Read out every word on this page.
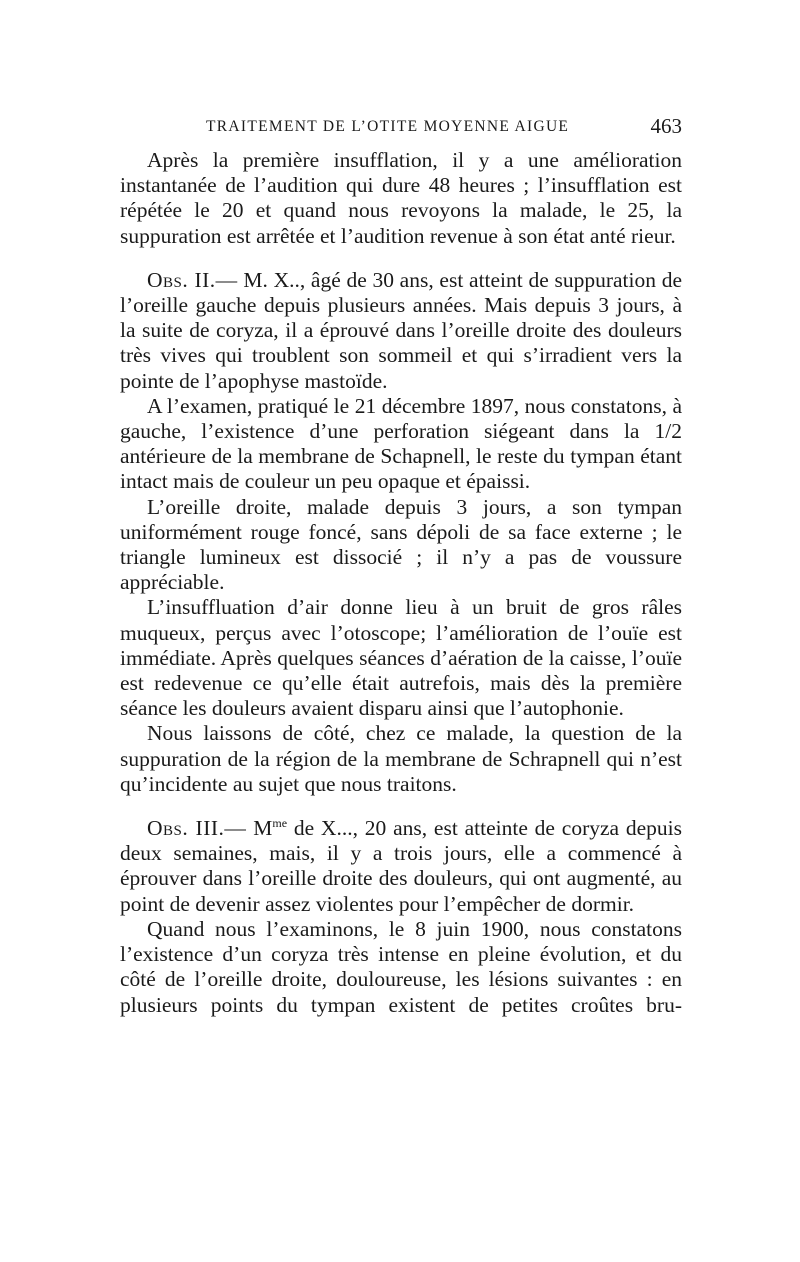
TRAITEMENT DE L’OTITE MOYENNE AIGUE	463

Après la première insufflation, il y a une amélioration instantanée de l’audition qui dure 48 heures ; l’insufflation est répétée le 20 et quand nous revoyons la malade, le 25, la suppuration est arrêtée et l’audition revenue à son état anté rieur.

Obs. II.— M. X.., âgé de 30 ans, est atteint de suppuration de l’oreille gauche depuis plusieurs années. Mais depuis 3 jours, à la suite de coryza, il a éprouvé dans l’oreille droite des douleurs très vives qui troublent son sommeil et qui s’irradient vers la pointe de l’apophyse mastoïde.

A l’examen, pratiqué le 21 décembre 1897, nous constatons, à gauche, l’existence d’une perforation siégeant dans la 1/2 antérieure de la membrane de Schapnell, le reste du tympan étant intact mais de couleur un peu opaque et épaissi.

L’oreille droite, malade depuis 3 jours, a son tympan uniformément rouge foncé, sans dépoli de sa face externe ; le triangle lumineux est dissocié ; il n’y a pas de voussure appréciable.

L’insuffluation d’air donne lieu à un bruit de gros râles muqueux, perçus avec l’otoscope; l’amélioration de l’ouïe est immédiate. Après quelques séances d’aération de la caisse, l’ouïe est redevenue ce qu’elle était autrefois, mais dès la première séance les douleurs avaient disparu ainsi que l’autophonie.

Nous laissons de côté, chez ce malade, la question de la suppuration de la région de la membrane de Schrapnell qui n’est qu’incidente au sujet que nous traitons.

Obs. III.— $M^{me}$ de X..., 20 ans, est atteinte de coryza depuis deux semaines, mais, il y a trois jours, elle a commencé à éprouver dans l’oreille droite des douleurs, qui ont augmenté, au point de devenir assez violentes pour l’empêcher de dormir.

Quand nous l’examinons, le 8 juin 1900, nous constatons l’existence d’un coryza très intense en pleine évolution, et du côté de l’oreille droite, douloureuse, les lésions suivantes : en plusieurs points du tympan existent de petites croûtes bru-
